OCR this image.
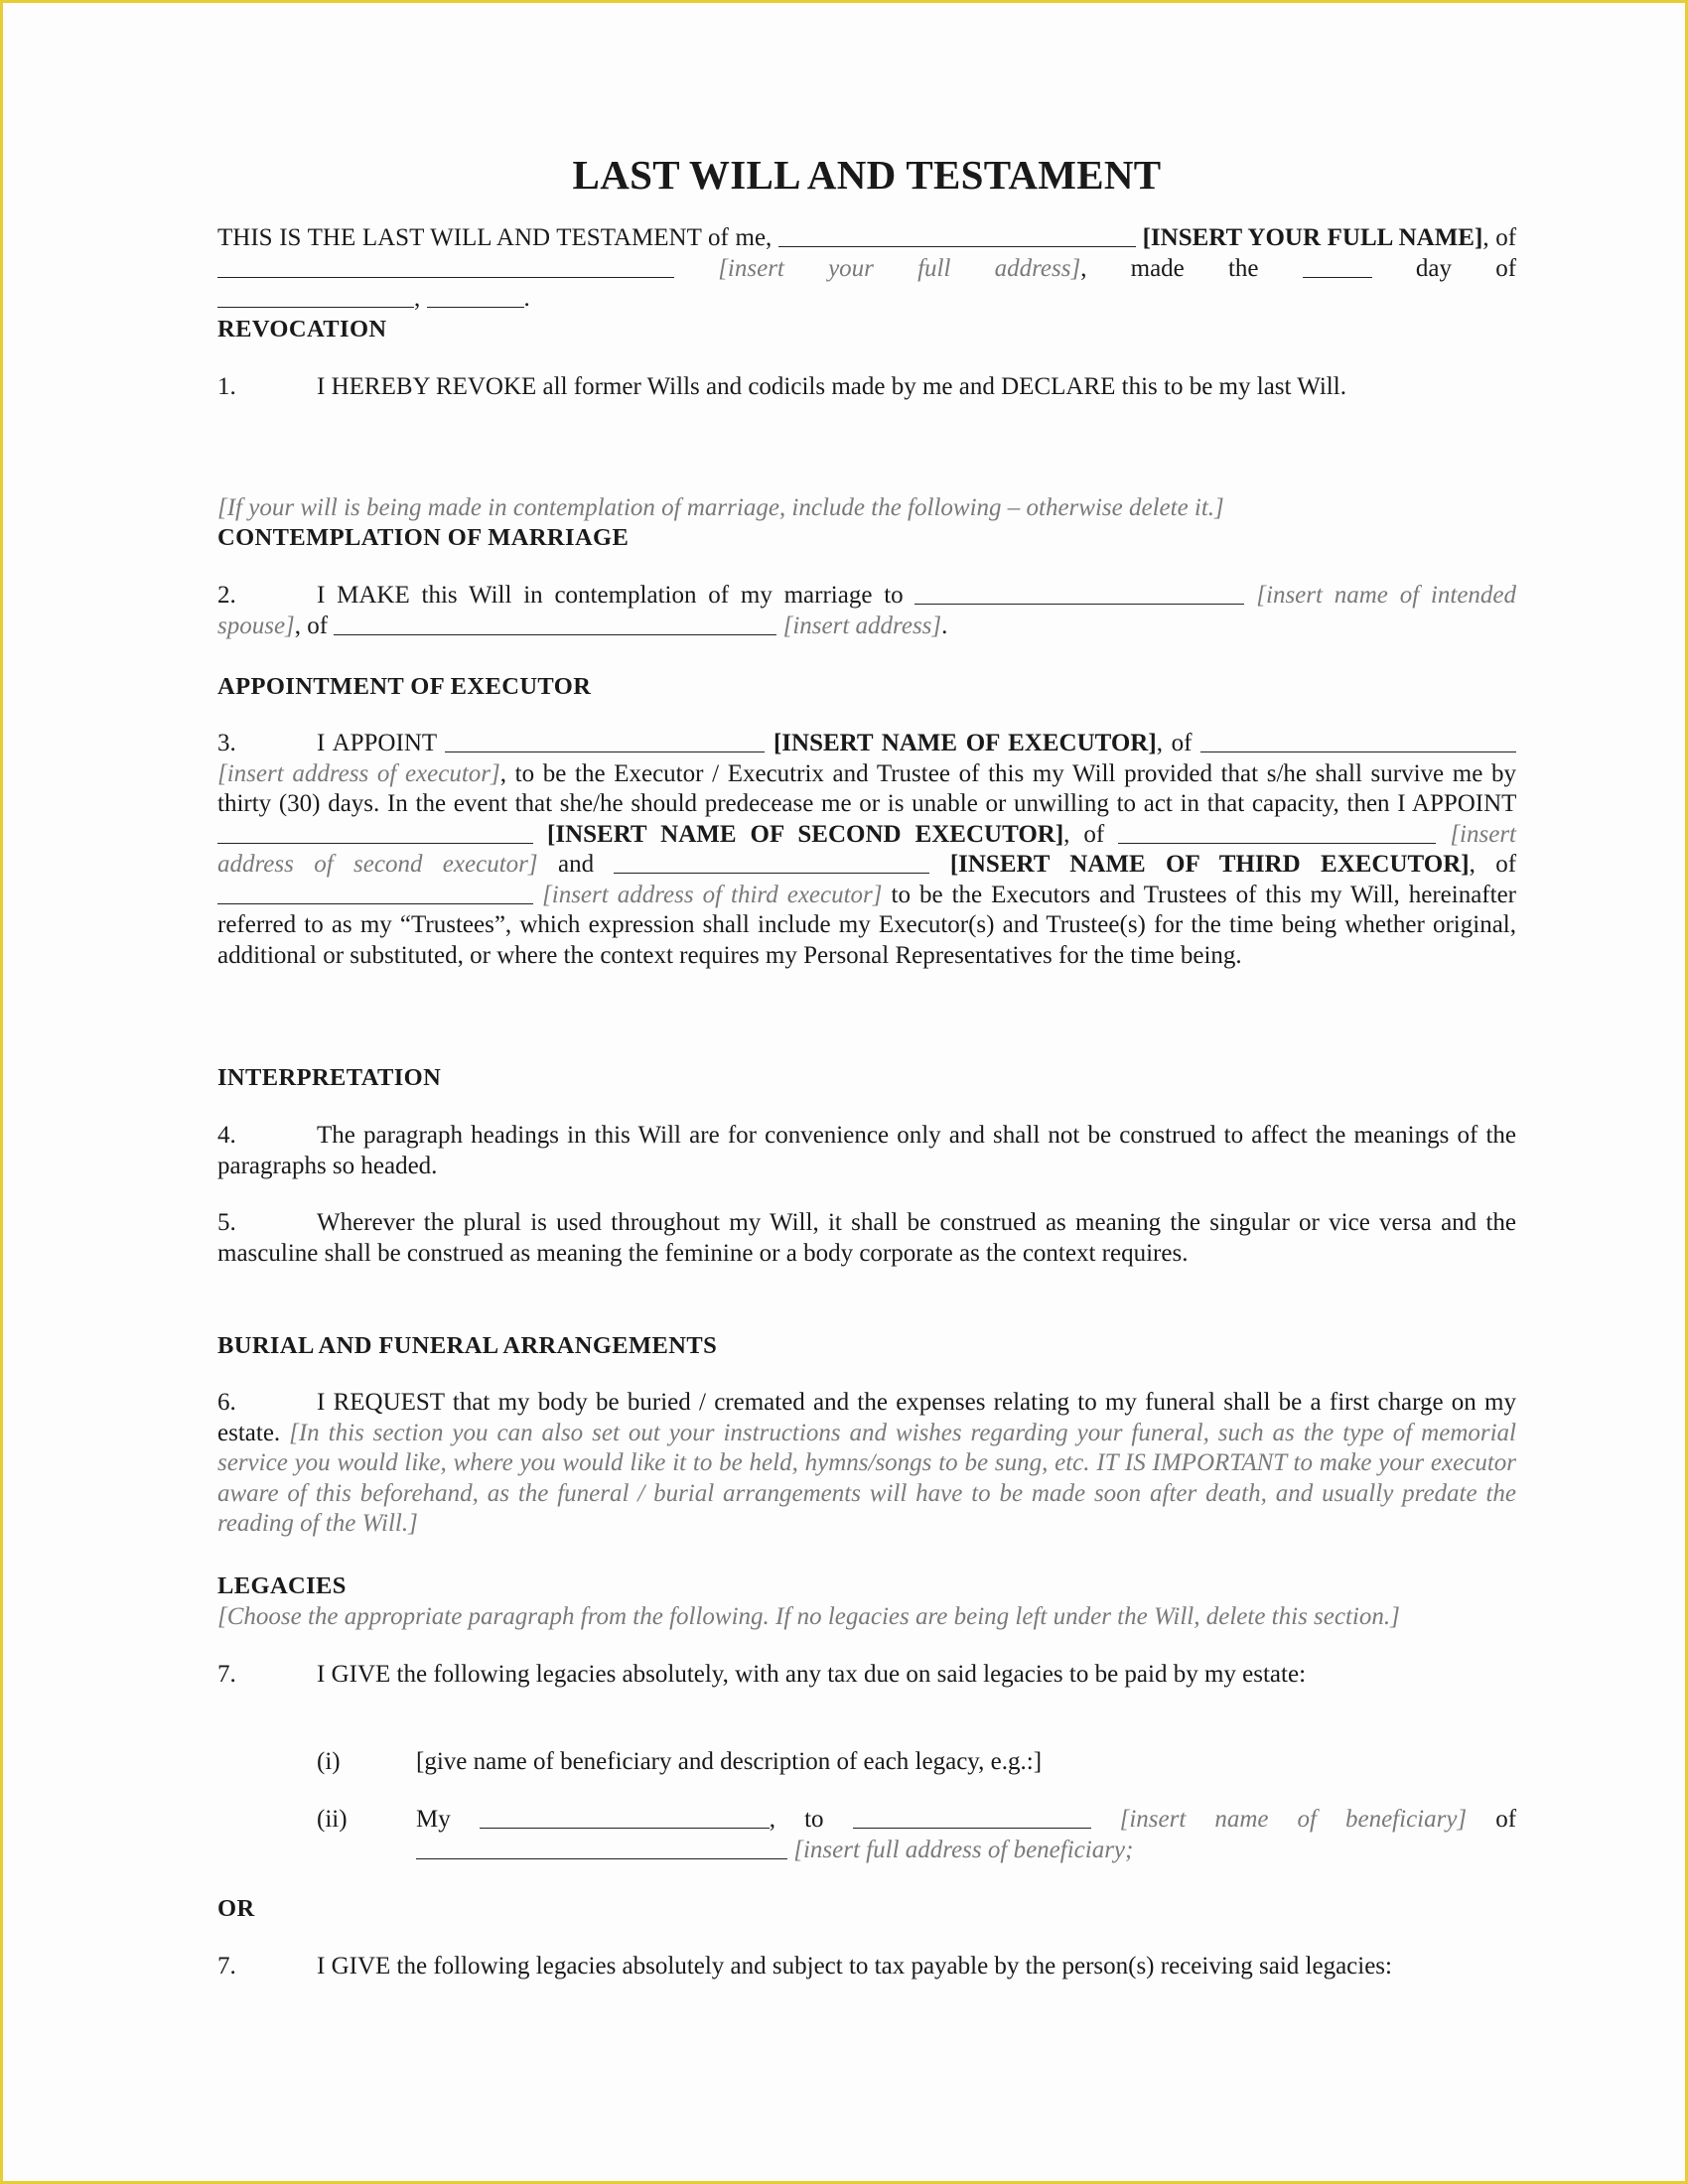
LAST WILL AND TESTAMENT
THIS IS THE LAST WILL AND TESTAMENT of me,	[INSERT YOUR FULL NAME], of  [insert your full address], made the	day of
,	.
REVOCATION

1.	I HEREBY REVOKE all former Wills and codicils made by me and DECLARE this to be my last Will.

[If your will is being made in contemplation of marriage, include the following – otherwise delete it.]

CONTEMPLATION OF MARRIAGE

2.	I MAKE this Will in contemplation of my marriage to	[insert name of intended spouse], of	[insert address].

APPOINTMENT OF EXECUTOR

3.	I APPOINT	[INSERT NAME OF EXECUTOR], of  [insert address of executor], to be the Executor / Executrix and Trustee of this my Will provided that s/he shall survive me by thirty (30) days. In the event that she/he should predecease me or is unable or unwilling to act in that capacity, then I APPOINT  [INSERT NAME OF SECOND EXECUTOR], of	[insert address of second executor] and	[INSERT NAME OF THIRD EXECUTOR], of  [insert address of third executor] to be the Executors and Trustees of this my Will, hereinafter referred to as my “Trustees”, which expression shall include my Executor(s) and Trustee(s) for the time being whether original, additional or substituted, or where the context requires my Personal Representatives for the time being.

INTERPRETATION

4.	The paragraph headings in this Will are for convenience only and shall not be construed to affect the meanings of the paragraphs so headed.

5.	Wherever the plural is used throughout my Will, it shall be construed as meaning the singular or vice versa and the masculine shall be construed as meaning the feminine or a body corporate as the context requires.

BURIAL AND FUNERAL ARRANGEMENTS

6.	I REQUEST that my body be buried / cremated and the expenses relating to my funeral shall be a first charge on my estate. [In this section you can also set out your instructions and wishes regarding your funeral, such as the type of memorial service you would like, where you would like it to be held, hymns/songs to be sung, etc. IT IS IMPORTANT to make your executor aware of this beforehand, as the funeral / burial arrangements will have to be made soon after death, and usually predate the reading of the Will.]

LEGACIES

[Choose the appropriate paragraph from the following. If no legacies are being left under the Will, delete this section.]

7.	I GIVE the following legacies absolutely, with any tax due on said legacies to be paid by my estate:

(i)	[give name of beneficiary and description of each legacy, e.g.:]
(ii)	My	, to	[insert name of beneficiary] of
[insert full address of beneficiary;
OR

7.	I GIVE the following legacies absolutely and subject to tax payable by the person(s) receiving said legacies:
